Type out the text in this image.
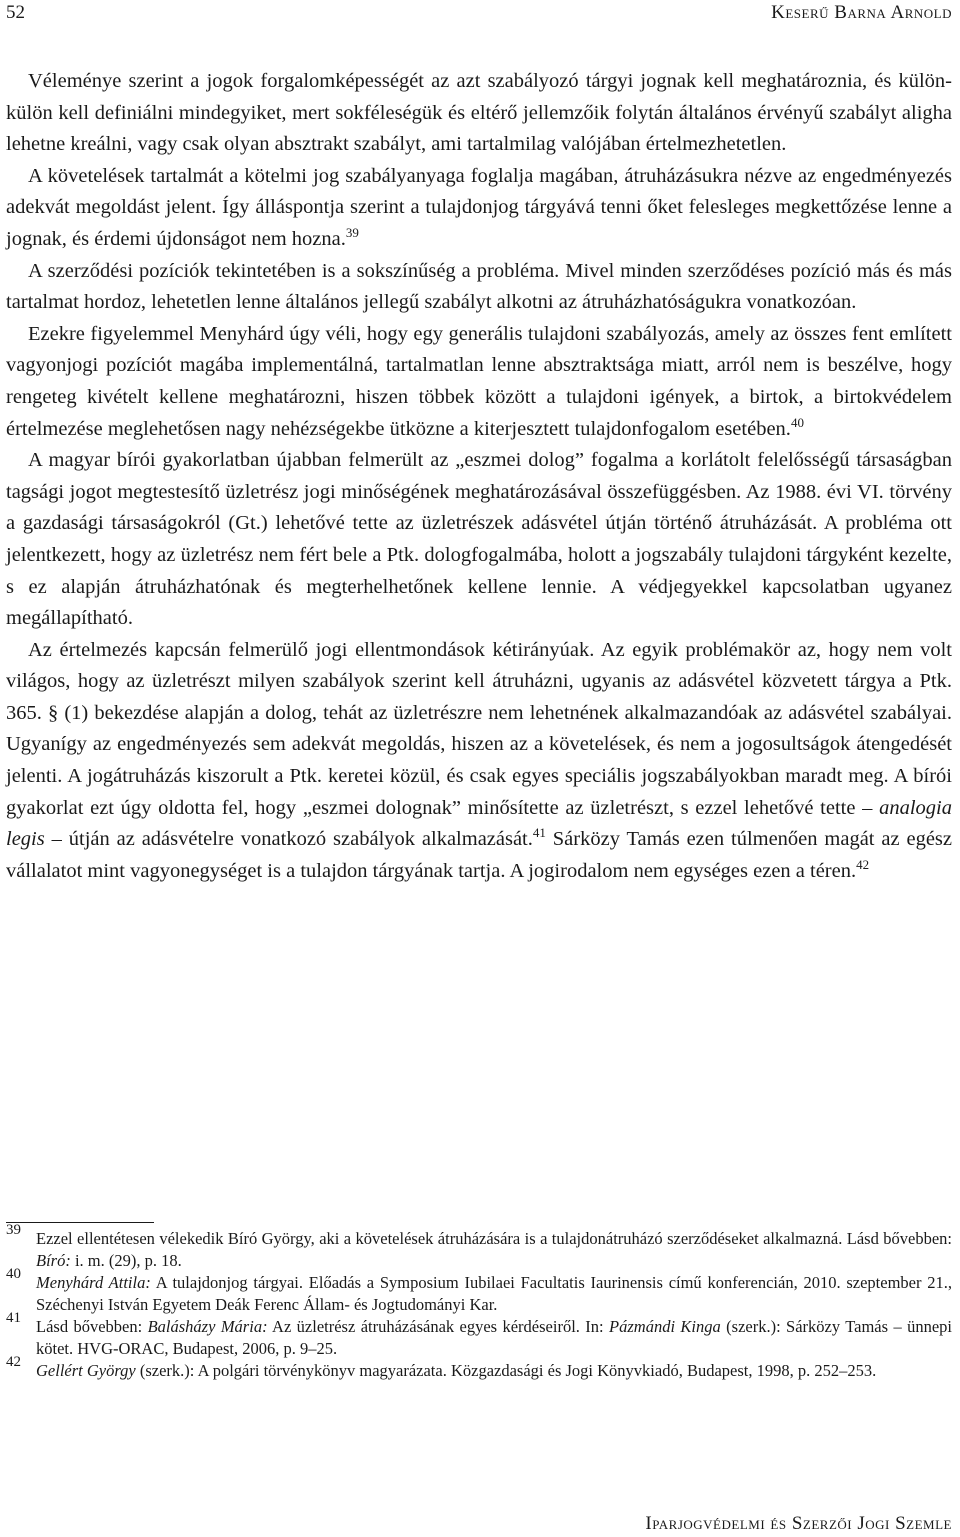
52	Keserű Barna Arnold

Véleménye szerint a jogok forgalomképességét az azt szabályozó tárgyi jognak kell meghatároznia, és külön-külön kell definiálni mindegyiket, mert sokféleségük és eltérő jellemzőik folytán általános érvényű szabályt aligha lehetne kreálni, vagy csak olyan absztrakt szabályt, ami tartalmilag valójában értelmezhetetlen.

A követelések tartalmát a kötelmi jog szabályanyaga foglalja magában, átruházásukra nézve az engedményezés adekvát megoldást jelent. Így álláspontja szerint a tulajdonjog tárgyává tenni őket felesleges megkettőzése lenne a jognak, és érdemi újdonságot nem hozna.$^{39}$

A szerződési pozíciók tekintetében is a sokszínűség a probléma. Mivel minden szerződéses pozíció más és más tartalmat hordoz, lehetetlen lenne általános jellegű szabályt alkotni az átruházhatóságukra vonatkozóan.

Ezekre figyelemmel Menyhárd úgy véli, hogy egy generális tulajdoni szabályozás, amely az összes fent említett vagyonjogi pozíciót magába implementálná, tartalmatlan lenne absztraktsága miatt, arról nem is beszélve, hogy rengeteg kivételt kellene meghatározni, hiszen többek között a tulajdoni igények, a birtok, a birtokvédelem értelmezése meglehetősen nagy nehézségekbe ütközne a kiterjesztett tulajdonfogalom esetében.$^{40}$

A magyar bírói gyakorlatban újabban felmerült az „eszmei dolog” fogalma a korlátolt felelősségű társaságban tagsági jogot megtestesítő üzletrész jogi minőségének meghatározásával összefüggésben. Az 1988. évi VI. törvény a gazdasági társaságokról (Gt.) lehetővé tette az üzletrészek adásvétel útján történő átruházását. A probléma ott jelentkezett, hogy az üzletrész nem fért bele a Ptk. dologfogalmába, holott a jogszabály tulajdoni tárgyként kezelte, s ez alapján átruházhatónak és megterhelhetőnek kellene lennie. A védjegyekkel kapcsolatban ugyanez megállapítható.

Az értelmezés kapcsán felmerülő jogi ellentmondások kétirányúak. Az egyik problémakör az, hogy nem volt világos, hogy az üzletrészt milyen szabályok szerint kell átruházni, ugyanis az adásvétel közvetett tárgya a Ptk. 365. § (1) bekezdése alapján a dolog, tehát az üzletrészre nem lehetnének alkalmazandóak az adásvétel szabályai. Ugyanígy az engedményezés sem adekvát megoldás, hiszen az a követelések, és nem a jogosultságok átengedését jelenti. A jogátruházás kiszorult a Ptk. keretei közül, és csak egyes speciális jogszabályokban maradt meg. A bírói gyakorlat ezt úgy oldotta fel, hogy „eszmei dolognak” minősítette az üzletrészt, s ezzel lehetővé tette – analogia legis – útján az adásvételre vonatkozó szabályok alkalmazását.$^{41}$ Sárközy Tamás ezen túlmenően magát az egész vállalatot mint vagyonegységet is a tulajdon tárgyának tartja. A jogirodalom nem egységes ezen a téren.$^{42}$

39 Ezzel ellentétesen vélekedik Bíró György, aki a követelések átruházására is a tulajdonátruházó szerződéseket alkalmazná. Lásd bővebben: Bíró: i. m. (29), p. 18.
40 Menyhárd Attila: A tulajdonjog tárgyai. Előadás a Symposium Iubilaei Facultatis Iaurinensis című konferencián, 2010. szeptember 21., Széchenyi István Egyetem Deák Ferenc Állam- és Jogtudományi Kar.
41 Lásd bővebben: Balásházy Mária: Az üzletrész átruházásának egyes kérdéseiről. In: Pázmándi Kinga (szerk.): Sárközy Tamás – ünnepi kötet. HVG-ORAC, Budapest, 2006, p. 9–25.
42 Gellért György (szerk.): A polgári törvénykönyv magyarázata. Közgazdasági és Jogi Könyvkiadó, Budapest, 1998, p. 252–253.
Iparjogvédelmi és Szerzői Jogi Szemle
